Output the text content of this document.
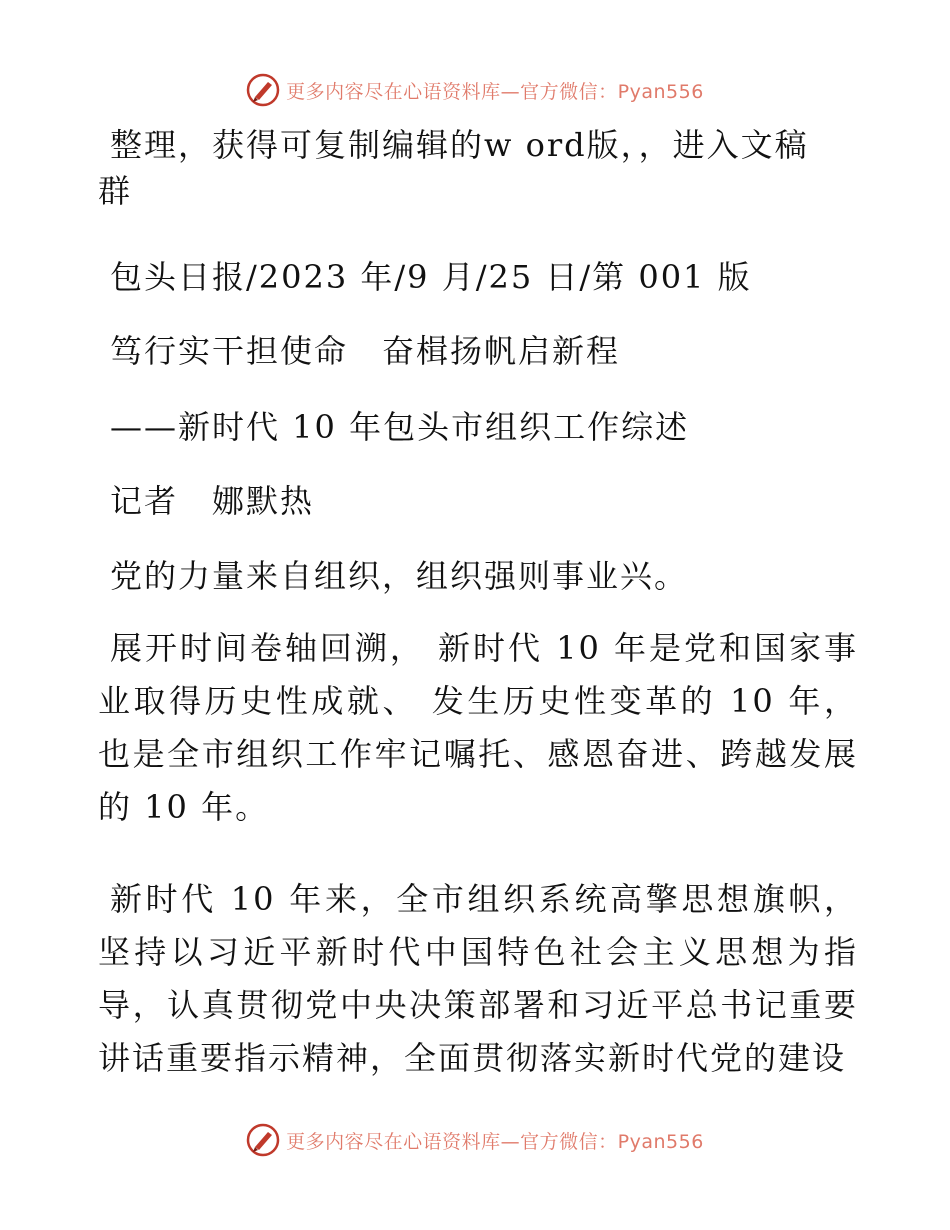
更多内容尽在心语资料库—官方微信：Pyan556
整理，获得可复制编辑的w ord版，，进入文稿群
包头日报/2023 年/9 月/25 日/第 001 版
笃行实干担使命　奋楫扬帆启新程
——新时代 10 年包头市组织工作综述
记者　娜默热
党的力量来自组织，组织强则事业兴。
展开时间卷轴回溯， 新时代 10 年是党和国家事业取得历史性成就、 发生历史性变革的 10 年，也是全市组织工作牢记嘱托、感恩奋进、跨越发展的 10 年。
新时代 10 年来，全市组织系统高擎思想旗帜，坚持以习近平新时代中国特色社会主义思想为指导，认真贯彻党中央决策部署和习近平总书记重要讲话重要指示精神，全面贯彻落实新时代党的建设
更多内容尽在心语资料库—官方微信：Pyan556
